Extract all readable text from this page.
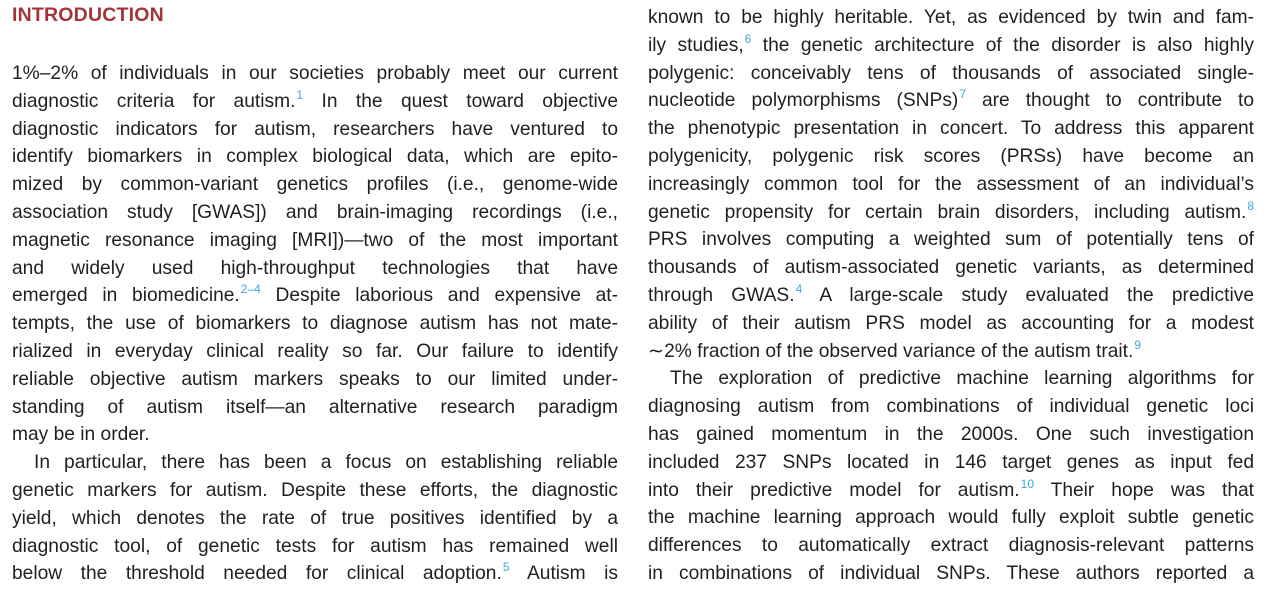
INTRODUCTION
1%–2% of individuals in our societies probably meet our current
diagnostic criteria for autism.$^1$ In the quest toward objective
diagnostic indicators for autism, researchers have ventured to
identify biomarkers in complex biological data, which are epito-
mized by common-variant genetics profiles (i.e., genome-wide
association study [GWAS]) and brain-imaging recordings (i.e.,
magnetic resonance imaging [MRI])—two of the most important
and widely used high-throughput technologies that have
emerged in biomedicine.$^{2-4}$ Despite laborious and expensive at-
tempts, the use of biomarkers to diagnose autism has not mate-
rialized in everyday clinical reality so far. Our failure to identify
reliable objective autism markers speaks to our limited under-
standing of autism itself—an alternative research paradigm
may be in order.
In particular, there has been a focus on establishing reliable
genetic markers for autism. Despite these efforts, the diagnostic
yield, which denotes the rate of true positives identified by a
diagnostic tool, of genetic tests for autism has remained well
below the threshold needed for clinical adoption.$^5$ Autism is
known to be highly heritable. Yet, as evidenced by twin and fam-
ily studies,$^6$ the genetic architecture of the disorder is also highly
polygenic: conceivably tens of thousands of associated single-
nucleotide polymorphisms (SNPs)$^7$ are thought to contribute to
the phenotypic presentation in concert. To address this apparent
polygenicity, polygenic risk scores (PRSs) have become an
increasingly common tool for the assessment of an individual’s
genetic propensity for certain brain disorders, including autism.$^8$
PRS involves computing a weighted sum of potentially tens of
thousands of autism-associated genetic variants, as determined
through GWAS.$^4$ A large-scale study evaluated the predictive
ability of their autism PRS model as accounting for a modest
∼2% fraction of the observed variance of the autism trait.$^9$
The exploration of predictive machine learning algorithms for
diagnosing autism from combinations of individual genetic loci
has gained momentum in the 2000s. One such investigation
included 237 SNPs located in 146 target genes as input fed
into their predictive model for autism.$^{10}$ Their hope was that
the machine learning approach would fully exploit subtle genetic
differences to automatically extract diagnosis-relevant patterns
in combinations of individual SNPs. These authors reported a
